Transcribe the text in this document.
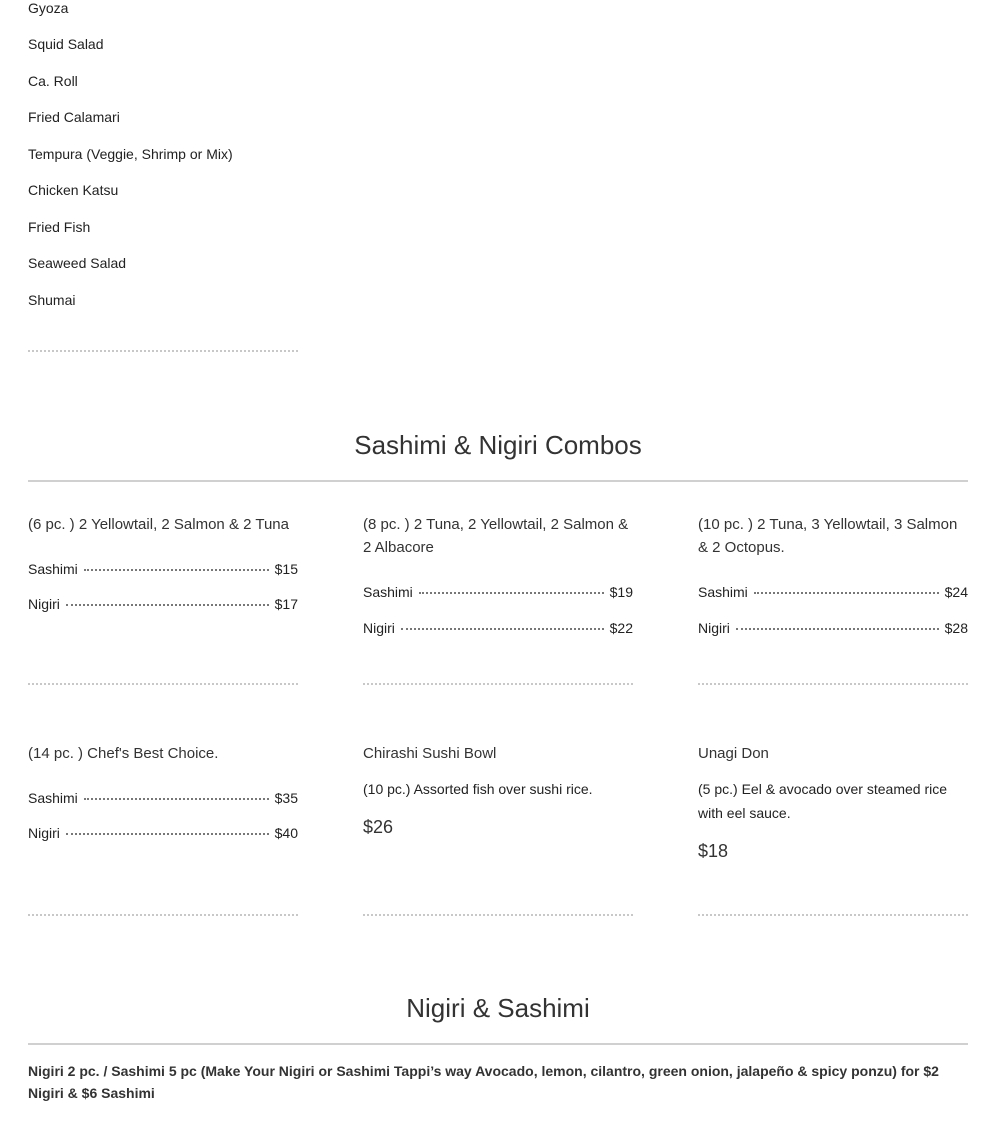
Gyoza
Squid Salad
Ca. Roll
Fried Calamari
Tempura (Veggie, Shrimp or Mix)
Chicken Katsu
Fried Fish
Seaweed Salad
Shumai
Sashimi & Nigiri Combos
(6 pc. ) 2 Yellowtail, 2 Salmon & 2 Tuna
Sashimi	$15
Nigiri	$17
(8 pc. ) 2 Tuna, 2 Yellowtail, 2 Salmon & 2 Albacore
Sashimi	$19
Nigiri	$22
(10 pc. ) 2 Tuna, 3 Yellowtail, 3 Salmon & 2 Octopus.
Sashimi	$24
Nigiri	$28
(14 pc. ) Chef's Best Choice.
Sashimi	$35
Nigiri	$40
Chirashi Sushi Bowl
(10 pc.) Assorted fish over sushi rice.
$26
Unagi Don
(5 pc.) Eel & avocado over steamed rice with eel sauce.
$18
Nigiri & Sashimi
Nigiri 2 pc. / Sashimi 5 pc (Make Your Nigiri or Sashimi Tappi’s way Avocado, lemon, cilantro, green onion, jalapeño & spicy ponzu) for $2 Nigiri & $6 Sashimi
